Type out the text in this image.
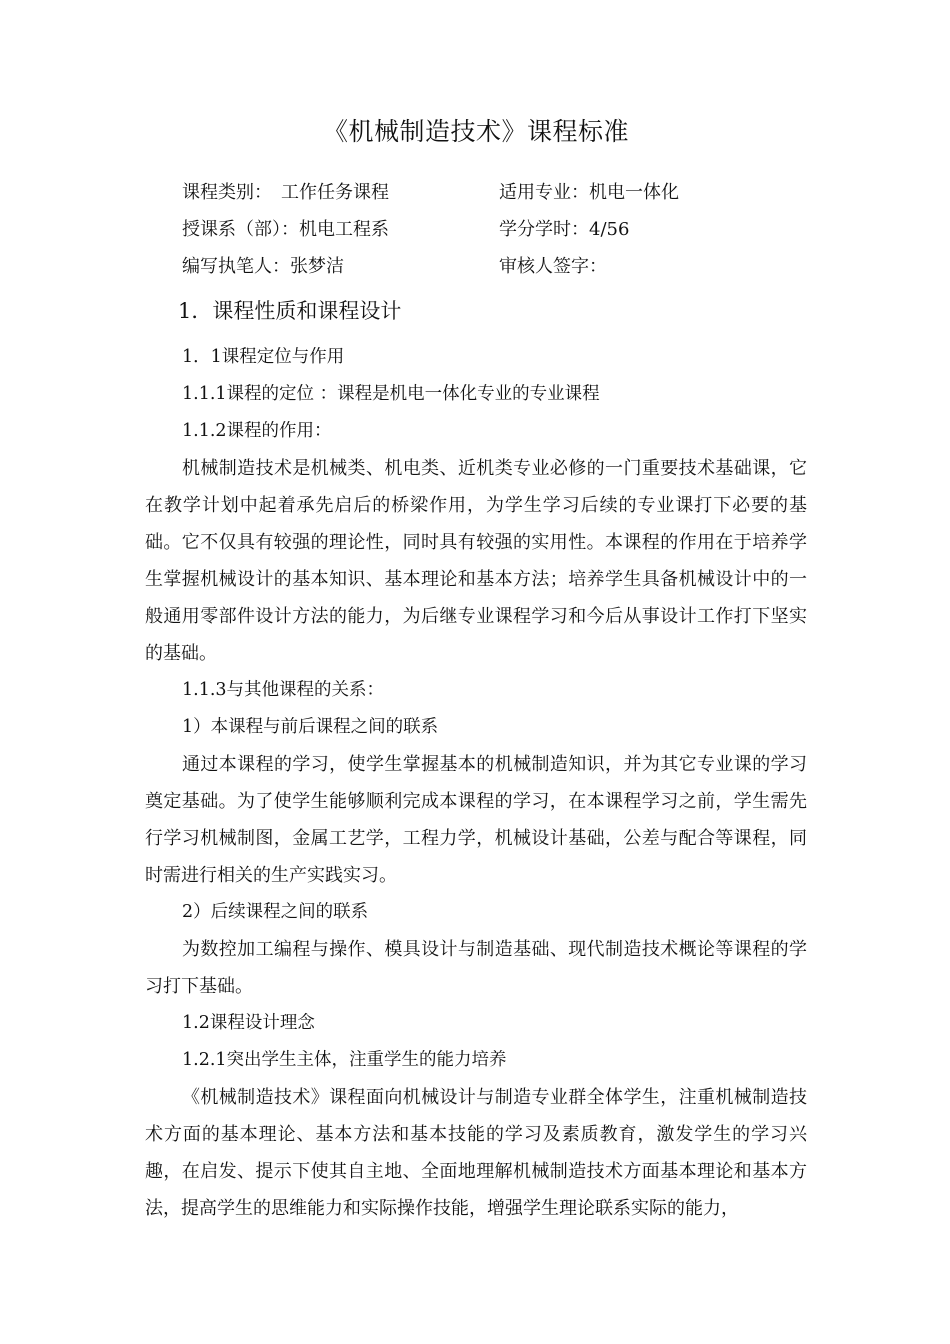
《机械制造技术》课程标准
课程类别：　工作任务课程	适用专业：机电一体化
授课系（部）：机电工程系	学分学时：4/56
编写执笔人：张梦洁	审核人签字：
1．课程性质和课程设计

1．1课程定位与作用

1.1.1课程的定位 ：课程是机电一体化专业的专业课程

1.1.2课程的作用：

机械制造技术是机械类、机电类、近机类专业必修的一门重要技术基础课，它在教学计划中起着承先启后的桥梁作用，为学生学习后续的专业课打下必要的基础。它不仅具有较强的理论性，同时具有较强的实用性。本课程的作用在于培养学生掌握机械设计的基本知识、基本理论和基本方法；培养学生具备机械设计中的一般通用零部件设计方法的能力，为后继专业课程学习和今后从事设计工作打下坚实的基础。

1.1.3与其他课程的关系：

1）本课程与前后课程之间的联系

通过本课程的学习，使学生掌握基本的机械制造知识，并为其它专业课的学习奠定基础。为了使学生能够顺利完成本课程的学习，在本课程学习之前，学生需先行学习机械制图，金属工艺学，工程力学，机械设计基础，公差与配合等课程，同时需进行相关的生产实践实习。

2）后续课程之间的联系

为数控加工编程与操作、模具设计与制造基础、现代制造技术概论等课程的学习打下基础。

1.2课程设计理念

1.2.1突出学生主体，注重学生的能力培养

《机械制造技术》课程面向机械设计与制造专业群全体学生，注重机械制造技术方面的基本理论、基本方法和基本技能的学习及素质教育，激发学生的学习兴趣，在启发、提示下使其自主地、全面地理解机械制造技术方面基本理论和基本方法，提高学生的思维能力和实际操作技能，增强学生理论联系实际的能力，
